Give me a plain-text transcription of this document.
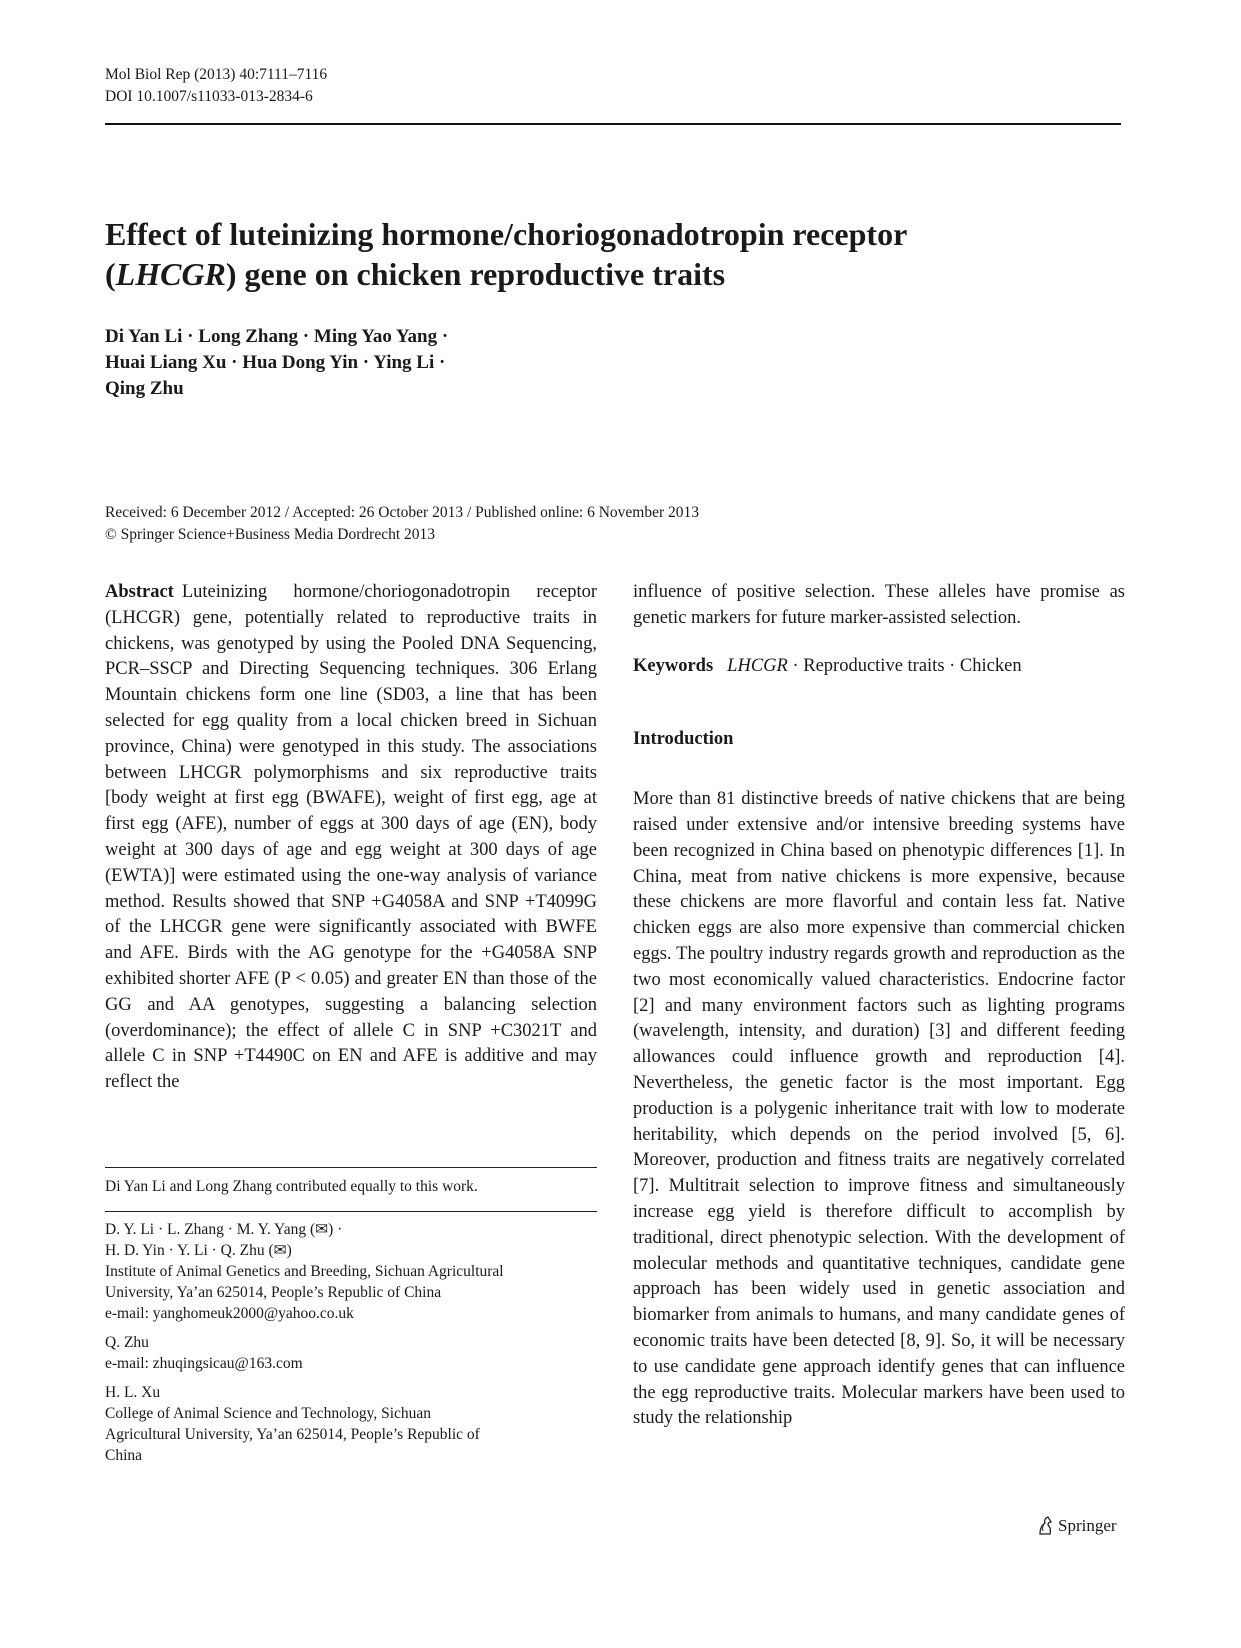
Mol Biol Rep (2013) 40:7111–7116
DOI 10.1007/s11033-013-2834-6
Effect of luteinizing hormone/choriogonadotropin receptor
(LHCGR) gene on chicken reproductive traits
Di Yan Li · Long Zhang · Ming Yao Yang ·
Huai Liang Xu · Hua Dong Yin · Ying Li ·
Qing Zhu
Received: 6 December 2012 / Accepted: 26 October 2013 / Published online: 6 November 2013
© Springer Science+Business Media Dordrecht 2013

Abstract Luteinizing hormone/choriogonadotropin receptor (LHCGR) gene, potentially related to reproductive traits in chickens, was genotyped by using the Pooled DNA Sequencing, PCR–SSCP and Directing Sequencing techniques. 306 Erlang Mountain chickens form one line (SD03, a line that has been selected for egg quality from a local chicken breed in Sichuan province, China) were genotyped in this study. The associations between LHCGR polymorphisms and six reproductive traits [body weight at first egg (BWAFE), weight of first egg, age at first egg (AFE), number of eggs at 300 days of age (EN), body weight at 300 days of age and egg weight at 300 days of age (EWTA)] were estimated using the one-way analysis of variance method. Results showed that SNP +G4058A and SNP +T4099G of the LHCGR gene were significantly associated with BWFE and AFE. Birds with the AG genotype for the +G4058A SNP exhibited shorter AFE (P < 0.05) and greater EN than those of the GG and AA genotypes, suggesting a balancing selection (overdominance); the effect of allele C in SNP +C3021T and allele C in SNP +T4490C on EN and AFE is additive and may reflect the

Di Yan Li and Long Zhang contributed equally to this work.
D. Y. Li · L. Zhang · M. Y. Yang (✉) ·
H. D. Yin · Y. Li · Q. Zhu (✉)
Institute of Animal Genetics and Breeding, Sichuan Agricultural
University, Ya’an 625014, People’s Republic of China
e-mail: yanghomeuk2000@yahoo.co.uk
Q. Zhu
e-mail: zhuqingsicau@163.com
H. L. Xu
College of Animal Science and Technology, Sichuan
Agricultural University, Ya’an 625014, People’s Republic of
China

influence of positive selection. These alleles have promise as genetic markers for future marker-assisted selection.

Keywords LHCGR · Reproductive traits · Chicken

Introduction

More than 81 distinctive breeds of native chickens that are being raised under extensive and/or intensive breeding systems have been recognized in China based on phenotypic differences [1]. In China, meat from native chickens is more expensive, because these chickens are more flavorful and contain less fat. Native chicken eggs are also more expensive than commercial chicken eggs. The poultry industry regards growth and reproduction as the two most economically valued characteristics. Endocrine factor [2] and many environment factors such as lighting programs (wavelength, intensity, and duration) [3] and different feeding allowances could influence growth and reproduction [4]. Nevertheless, the genetic factor is the most important. Egg production is a polygenic inheritance trait with low to moderate heritability, which depends on the period involved [5, 6]. Moreover, production and fitness traits are negatively correlated [7]. Multitrait selection to improve fitness and simultaneously increase egg yield is therefore difficult to accomplish by traditional, direct phenotypic selection. With the development of molecular methods and quantitative techniques, candidate gene approach has been widely used in genetic association and biomarker from animals to humans, and many candidate genes of economic traits have been detected [8, 9]. So, it will be necessary to use candidate gene approach identify genes that can influence the egg reproductive traits. Molecular markers have been used to study the relationship

Springer
